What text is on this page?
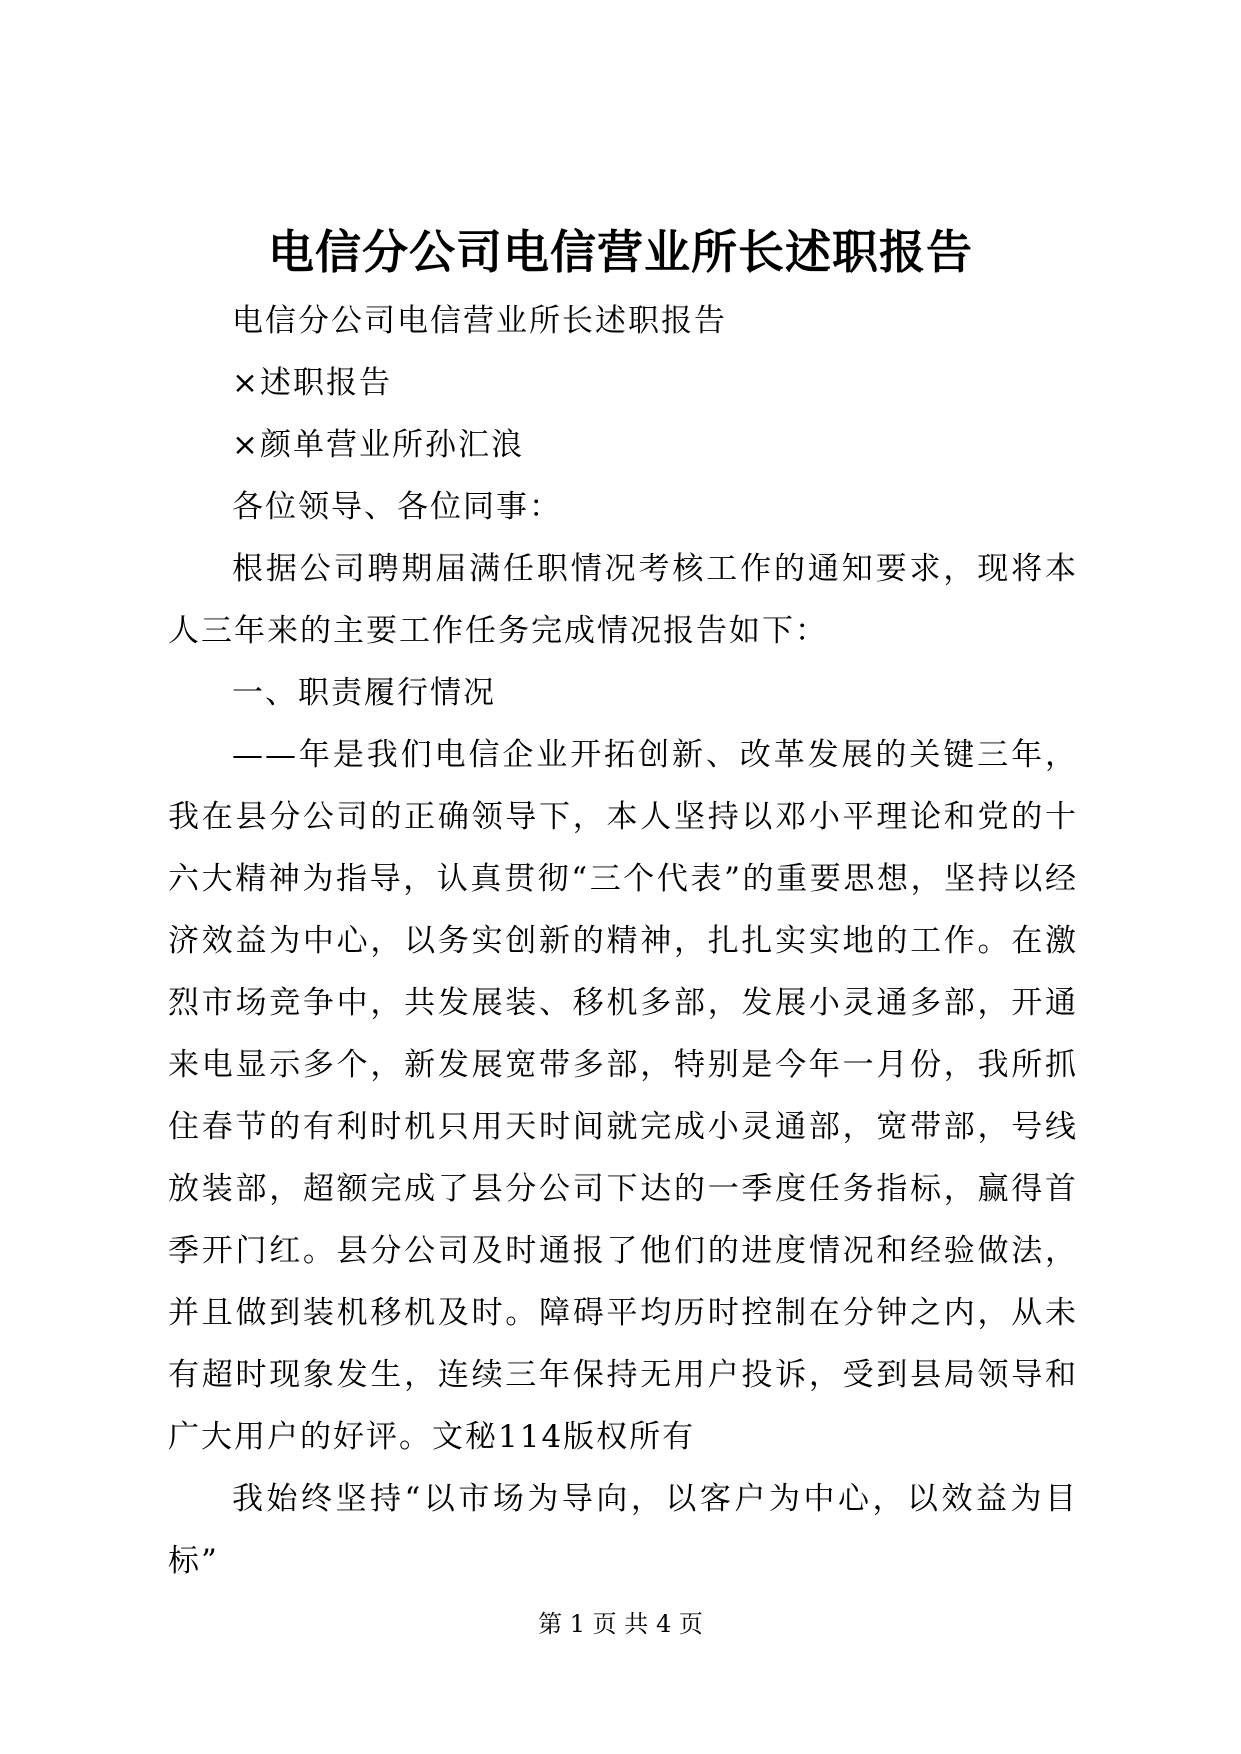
电信分公司电信营业所长述职报告

电信分公司电信营业所长述职报告

×述职报告

×颜单营业所孙汇浪

各位领导、各位同事：

根据公司聘期届满任职情况考核工作的通知要求，现将本人三年来的主要工作任务完成情况报告如下：

一、职责履行情况

——年是我们电信企业开拓创新、改革发展的关键三年，我在县分公司的正确领导下，本人坚持以邓小平理论和党的十六大精神为指导，认真贯彻“三个代表”的重要思想，坚持以经济效益为中心，以务实创新的精神，扎扎实实地的工作。在激烈市场竞争中，共发展装、移机多部，发展小灵通多部，开通来电显示多个，新发展宽带多部，特别是今年一月份，我所抓住春节的有利时机只用天时间就完成小灵通部，宽带部，号线放装部，超额完成了县分公司下达的一季度任务指标，赢得首季开门红。县分公司及时通报了他们的进度情况和经验做法，并且做到装机移机及时。障碍平均历时控制在分钟之内，从未有超时现象发生，连续三年保持无用户投诉，受到县局领导和广大用户的好评。文秘114版权所有

我始终坚持“以市场为导向，以客户为中心，以效益为目标”

第 1 页 共 4 页
